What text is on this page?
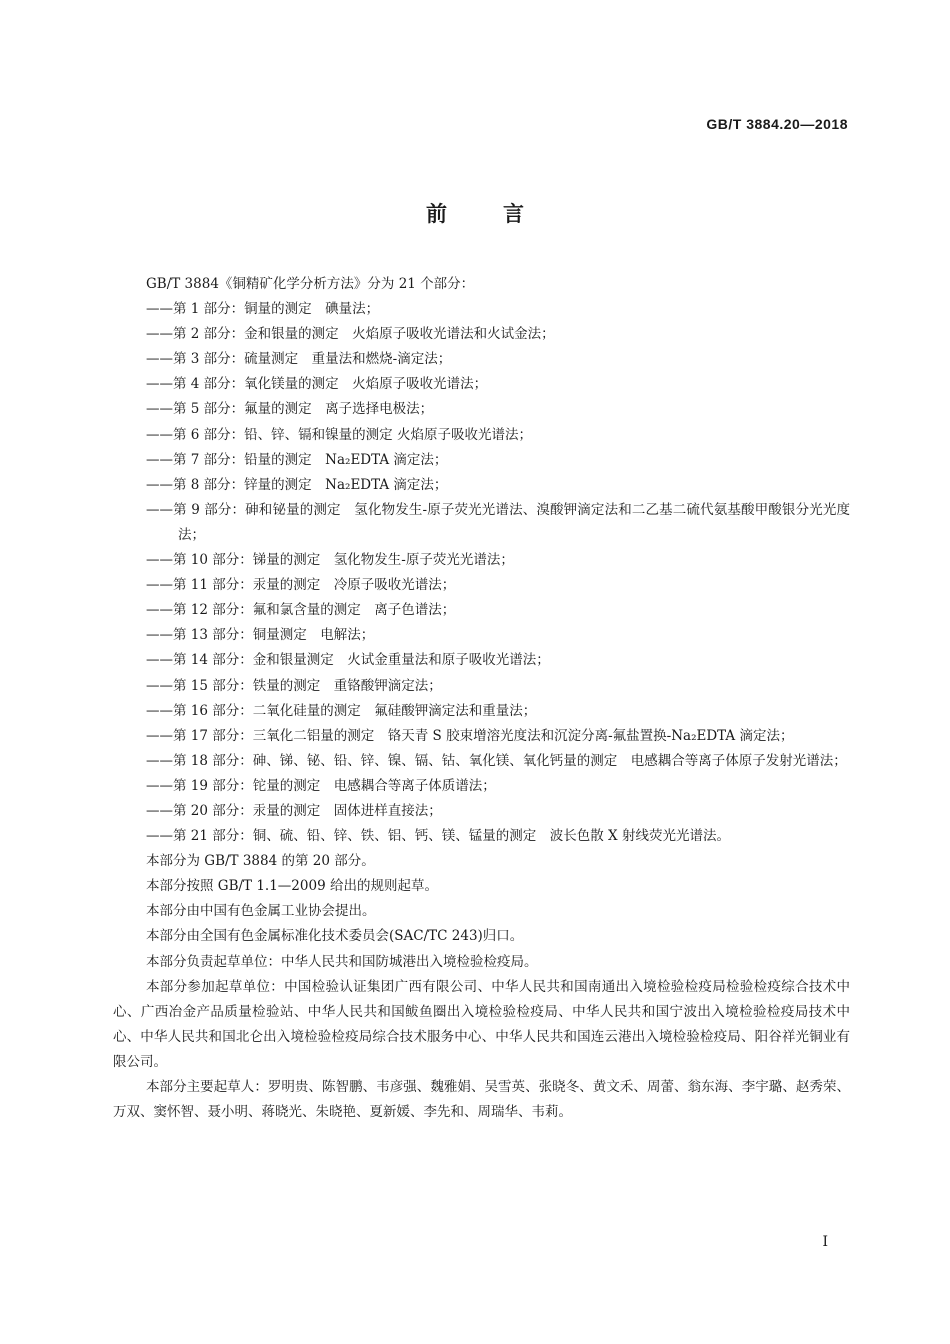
GB/T 3884.20—2018
前言

GB/T 3884《铜精矿化学分析方法》分为 21 个部分：

——第 1 部分：铜量的测定　碘量法；

——第 2 部分：金和银量的测定　火焰原子吸收光谱法和火试金法；

——第 3 部分：硫量测定　重量法和燃烧-滴定法；

——第 4 部分：氧化镁量的测定　火焰原子吸收光谱法；

——第 5 部分：氟量的测定　离子选择电极法；

——第 6 部分：铅、锌、镉和镍量的测定 火焰原子吸收光谱法；

——第 7 部分：铅量的测定　Na₂EDTA 滴定法；

——第 8 部分：锌量的测定　Na₂EDTA 滴定法；

——第 9 部分：砷和铋量的测定　氢化物发生-原子荧光光谱法、溴酸钾滴定法和二乙基二硫代氨基酸甲酸银分光光度法；

——第 10 部分：锑量的测定　氢化物发生-原子荧光光谱法；

——第 11 部分：汞量的测定　冷原子吸收光谱法；

——第 12 部分：氟和氯含量的测定　离子色谱法；

——第 13 部分：铜量测定　电解法；

——第 14 部分：金和银量测定　火试金重量法和原子吸收光谱法；

——第 15 部分：铁量的测定　重铬酸钾滴定法；

——第 16 部分：二氧化硅量的测定　氟硅酸钾滴定法和重量法；

——第 17 部分：三氧化二铝量的测定　铬天青 S 胶束增溶光度法和沉淀分离-氟盐置换-Na₂EDTA 滴定法；

——第 18 部分：砷、锑、铋、铅、锌、镍、镉、钴、氧化镁、氧化钙量的测定　电感耦合等离子体原子发射光谱法；

——第 19 部分：铊量的测定　电感耦合等离子体质谱法；

——第 20 部分：汞量的测定　固体进样直接法；

——第 21 部分：铜、硫、铅、锌、铁、铝、钙、镁、锰量的测定　波长色散 X 射线荧光光谱法。

本部分为 GB/T 3884 的第 20 部分。

本部分按照 GB/T 1.1—2009 给出的规则起草。

本部分由中国有色金属工业协会提出。

本部分由全国有色金属标准化技术委员会(SAC/TC 243)归口。

本部分负责起草单位：中华人民共和国防城港出入境检验检疫局。

本部分参加起草单位：中国检验认证集团广西有限公司、中华人民共和国南通出入境检验检疫局检验检疫综合技术中心、广西冶金产品质量检验站、中华人民共和国鲅鱼圈出入境检验检疫局、中华人民共和国宁波出入境检验检疫局技术中心、中华人民共和国北仑出入境检验检疫局综合技术服务中心、中华人民共和国连云港出入境检验检疫局、阳谷祥光铜业有限公司。

本部分主要起草人：罗明贵、陈智鹏、韦彦强、魏雅娟、吴雪英、张晓冬、黄文禾、周蕾、翁东海、李宇璐、赵秀荣、万双、窦怀智、聂小明、蒋晓光、朱晓艳、夏新媛、李先和、周瑞华、韦莉。

I
